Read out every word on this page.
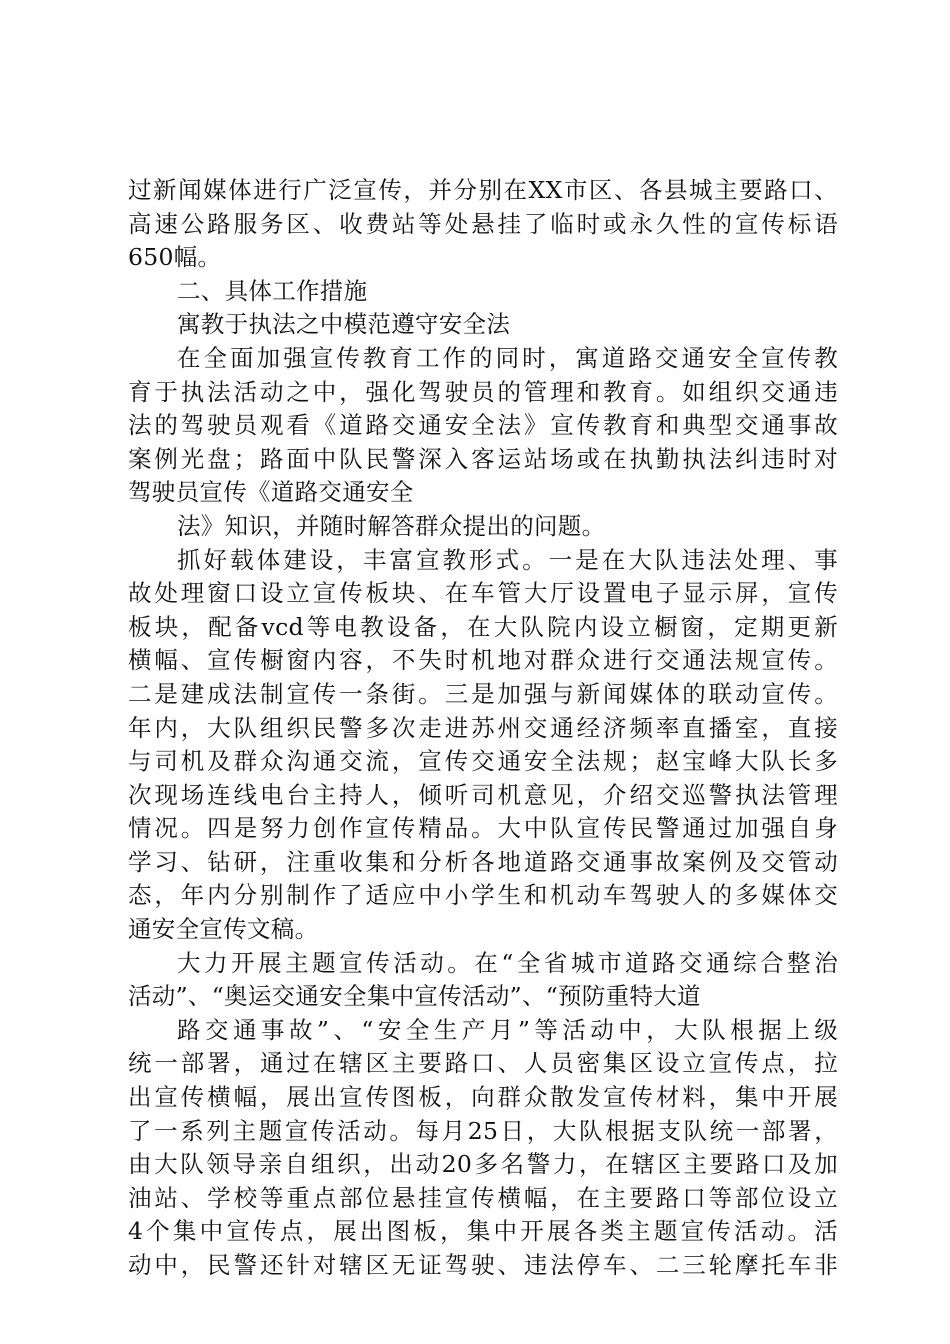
过新闻媒体进行广泛宣传，并分别在XX市区、各县城主要路口、
高速公路服务区、收费站等处悬挂了临时或永久性的宣传标语
650幅。
二、具体工作措施
寓教于执法之中模范遵守安全法
在全面加强宣传教育工作的同时，寓道路交通安全宣传教
育于执法活动之中，强化驾驶员的管理和教育。如组织交通违
法的驾驶员观看《道路交通安全法》宣传教育和典型交通事故
案例光盘；路面中队民警深入客运站场或在执勤执法纠违时对
驾驶员宣传《道路交通安全
法》知识，并随时解答群众提出的问题。
抓好载体建设，丰富宣教形式。一是在大队违法处理、事
故处理窗口设立宣传板块、在车管大厅设置电子显示屏，宣传
板块，配备vcd等电教设备，在大队院内设立橱窗，定期更新
横幅、宣传橱窗内容，不失时机地对群众进行交通法规宣传。
二是建成法制宣传一条街。三是加强与新闻媒体的联动宣传。
年内，大队组织民警多次走进苏州交通经济频率直播室，直接
与司机及群众沟通交流，宣传交通安全法规；赵宝峰大队长多
次现场连线电台主持人，倾听司机意见，介绍交巡警执法管理
情况。四是努力创作宣传精品。大中队宣传民警通过加强自身
学习、钻研，注重收集和分析各地道路交通事故案例及交管动
态，年内分别制作了适应中小学生和机动车驾驶人的多媒体交
通安全宣传文稿。
大力开展主题宣传活动。在“全省城市道路交通综合整治
活动”、“奥运交通安全集中宣传活动”、“预防重特大道
路交通事故”、“安全生产月”等活动中，大队根据上级
统一部署，通过在辖区主要路口、人员密集区设立宣传点，拉
出宣传横幅，展出宣传图板，向群众散发宣传材料，集中开展
了一系列主题宣传活动。每月25日，大队根据支队统一部署，
由大队领导亲自组织，出动20多名警力，在辖区主要路口及加
油站、学校等重点部位悬挂宣传横幅，在主要路口等部位设立
4个集中宣传点，展出图板，集中开展各类主题宣传活动。活
动中，民警还针对辖区无证驾驶、违法停车、二三轮摩托车非
